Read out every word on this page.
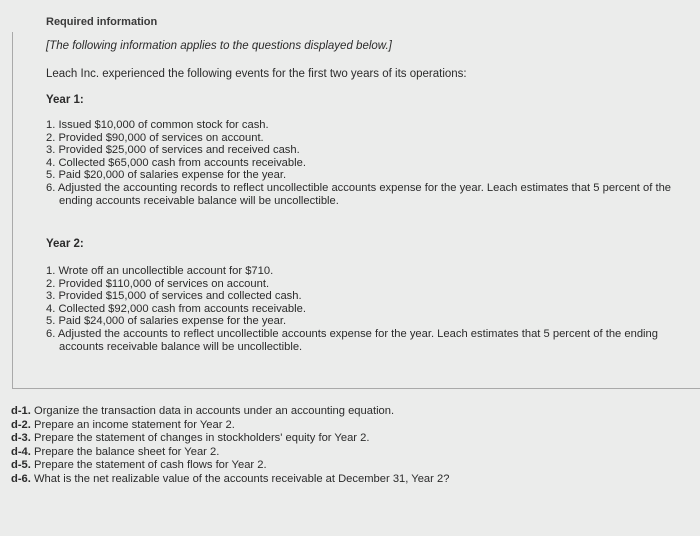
Required information
[The following information applies to the questions displayed below.]
Leach Inc. experienced the following events for the first two years of its operations:
Year 1:
1. Issued $10,000 of common stock for cash.
2. Provided $90,000 of services on account.
3. Provided $25,000 of services and received cash.
4. Collected $65,000 cash from accounts receivable.
5. Paid $20,000 of salaries expense for the year.
6. Adjusted the accounting records to reflect uncollectible accounts expense for the year. Leach estimates that 5 percent of the ending accounts receivable balance will be uncollectible.
Year 2:
1. Wrote off an uncollectible account for $710.
2. Provided $110,000 of services on account.
3. Provided $15,000 of services and collected cash.
4. Collected $92,000 cash from accounts receivable.
5. Paid $24,000 of salaries expense for the year.
6. Adjusted the accounts to reflect uncollectible accounts expense for the year. Leach estimates that 5 percent of the ending accounts receivable balance will be uncollectible.
d-1. Organize the transaction data in accounts under an accounting equation.
d-2. Prepare an income statement for Year 2.
d-3. Prepare the statement of changes in stockholders' equity for Year 2.
d-4. Prepare the balance sheet for Year 2.
d-5. Prepare the statement of cash flows for Year 2.
d-6. What is the net realizable value of the accounts receivable at December 31, Year 2?
